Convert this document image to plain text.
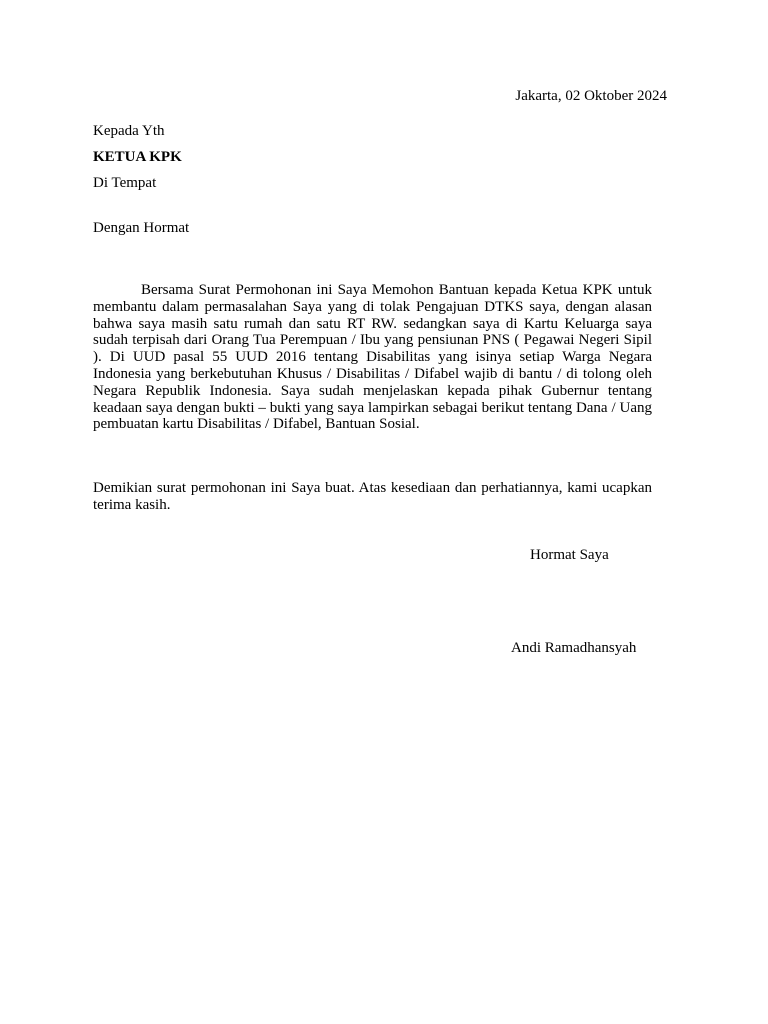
Jakarta, 02 Oktober 2024
Kepada Yth
KETUA KPK
Di Tempat
Dengan Hormat

Bersama Surat Permohonan ini Saya Memohon Bantuan kepada Ketua KPK untuk membantu dalam permasalahan Saya yang di tolak Pengajuan DTKS saya, dengan alasan bahwa saya masih satu rumah dan satu RT RW. sedangkan saya di Kartu Keluarga saya sudah terpisah dari Orang Tua Perempuan / Ibu yang pensiunan PNS ( Pegawai Negeri Sipil ). Di UUD pasal 55 UUD 2016 tentang Disabilitas yang isinya setiap Warga Negara Indonesia yang berkebutuhan Khusus / Disabilitas / Difabel wajib di bantu / di tolong oleh Negara Republik Indonesia. Saya sudah menjelaskan kepada pihak Gubernur tentang keadaan saya dengan bukti – bukti yang saya lampirkan sebagai berikut tentang Dana / Uang pembuatan kartu Disabilitas / Difabel, Bantuan Sosial.

Demikian surat permohonan ini Saya buat. Atas kesediaan dan perhatiannya, kami ucapkan terima kasih.

Hormat Saya
Andi Ramadhansyah
